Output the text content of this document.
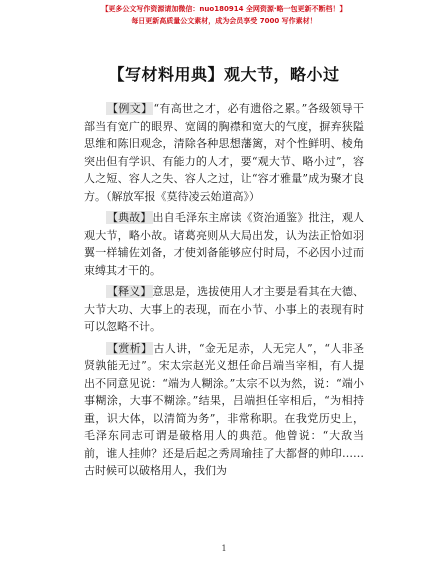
【更多公文写作资源请加微信：nuo180914 全网资源·略一包更新不断档！】
每日更新高质量公文素材，成为会员享受 7000 写作素材！
【写材料用典】观大节，略小过

【例文】“有高世之才，必有遗俗之累。”各级领导干部当有宽广的眼界、宽阔的胸襟和宽大的气度，摒弃狭隘思维和陈旧观念，清除各种思想藩篱，对个性鲜明、棱角突出但有学识、有能力的人才，要“观大节、略小过”，容人之短、容人之失、容人之过，让“容才雅量”成为聚才良方。（解放军报《莫待凌云始道高》）

【典故】出自毛泽东主席读《资治通鉴》批注，观人观大节，略小故。诸葛亮则从大局出发，认为法正恰如羽翼一样辅佐刘备，才使刘备能够应付时局，不必因小过而束缚其才干的。

【释义】意思是，选拔使用人才主要是看其在大德、大节大功、大事上的表现，而在小节、小事上的表现有时可以忽略不计。

【赏析】古人讲，“金无足赤，人无完人”，“人非圣贤孰能无过”。宋太宗赵光义想任命吕端当宰相，有人提出不同意见说：“端为人糊涂。”太宗不以为然，说：“端小事糊涂，大事不糊涂。”结果，吕端担任宰相后，“为相持重，识大体，以清简为务”，非常称职。在我党历史上，毛泽东同志可谓是破格用人的典范。他曾说：“大敌当前，谁人挂帅？还是后起之秀周瑜挂了大都督的帅印……古时候可以破格用人，我们为

1
